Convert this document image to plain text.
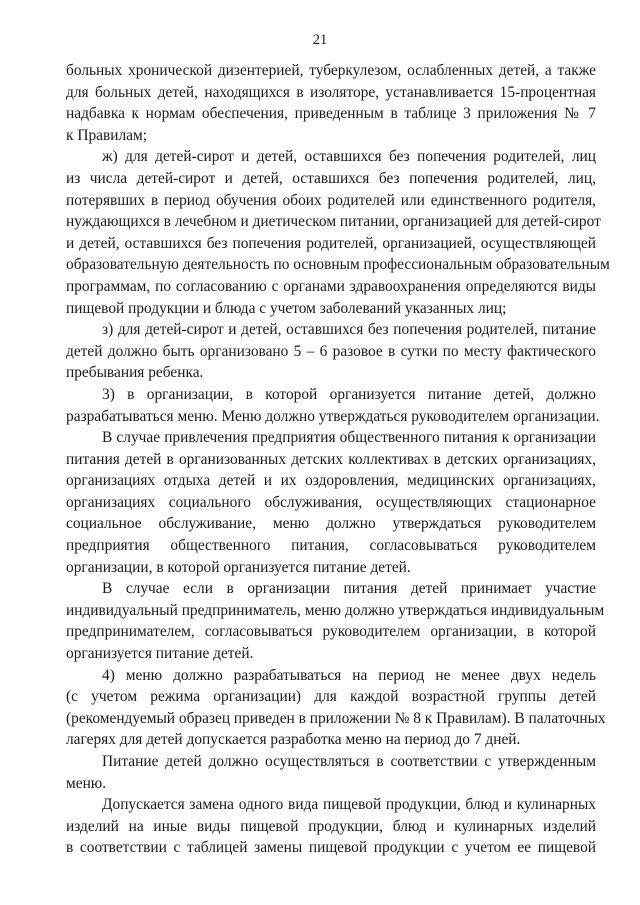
21
больных хронической дизентерией, туберкулезом, ослабленных детей, а также
для больных детей, находящихся в изоляторе, устанавливается 15-процентная
надбавка к нормам обеспечения, приведенным в таблице 3 приложения № 7
к Правилам;
ж) для детей-сирот и детей, оставшихся без попечения родителей, лиц
из числа детей-сирот и детей, оставшихся без попечения родителей, лиц,
потерявших в период обучения обоих родителей или единственного родителя,
нуждающихся в лечебном и диетическом питании, организацией для детей-сирот
и детей, оставшихся без попечения родителей, организацией, осуществляющей
образовательную деятельность по основным профессиональным образовательным
программам, по согласованию с органами здравоохранения определяются виды
пищевой продукции и блюда с учетом заболеваний указанных лиц;
з) для детей-сирот и детей, оставшихся без попечения родителей, питание
детей должно быть организовано 5 – 6 разовое в сутки по месту фактического
пребывания ребенка.
3) в организации, в которой организуется питание детей, должно
разрабатываться меню. Меню должно утверждаться руководителем организации.
В случае привлечения предприятия общественного питания к организации
питания детей в организованных детских коллективах в детских организациях,
организациях отдыха детей и их оздоровления, медицинских организациях,
организациях социального обслуживания, осуществляющих стационарное
социальное обслуживание, меню должно утверждаться руководителем
предприятия общественного питания, согласовываться руководителем
организации, в которой организуется питание детей.
В случае если в организации питания детей принимает участие
индивидуальный предприниматель, меню должно утверждаться индивидуальным
предпринимателем, согласовываться руководителем организации, в которой
организуется питание детей.
4) меню должно разрабатываться на период не менее двух недель
(с учетом режима организации) для каждой возрастной группы детей
(рекомендуемый образец приведен в приложении № 8 к Правилам). В палаточных
лагерях для детей допускается разработка меню на период до 7 дней.
Питание детей должно осуществляться в соответствии с утвержденным
меню.
Допускается замена одного вида пищевой продукции, блюд и кулинарных
изделий на иные виды пищевой продукции, блюд и кулинарных изделий
в соответствии с таблицей замены пищевой продукции с учетом ее пищевой
